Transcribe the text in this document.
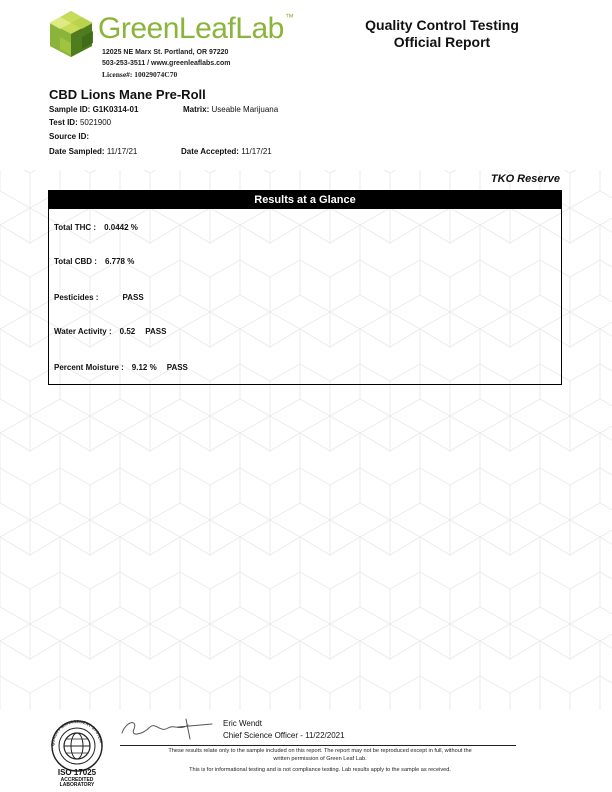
GreenLeafLab™
12025 NE Marx St. Portland, OR 97220
503-253-3511 / www.greenleaflabs.com
License#: 10029074C70
Quality Control Testing
Official Report
CBD Lions Mane Pre-Roll
Sample ID: G1K0314-01	Matrix: Useable Marijuana
Test ID: 5021900
Source ID:
Date Sampled: 11/17/21	Date Accepted: 11/17/21
TKO Reserve
Results at a Glance
Total THC : 0.0442 %
Total CBD : 6.778 %
Pesticides :	PASS
Water Activity : 0.52 PASS
Percent Moisture : 9.12 % PASS
QUALITY MANAGEMENT SYSTEM
ISO 17025
ACCREDITED
LABORATORY
Eric Wendt
Chief Science Officer - 11/22/2021
These results relate only to the sample included on this report. The report may not be reproduced except in full, without the
written permission of Green Leaf Lab.
This is for informational testing and is not compliance testing. Lab results apply to the sample as received.
